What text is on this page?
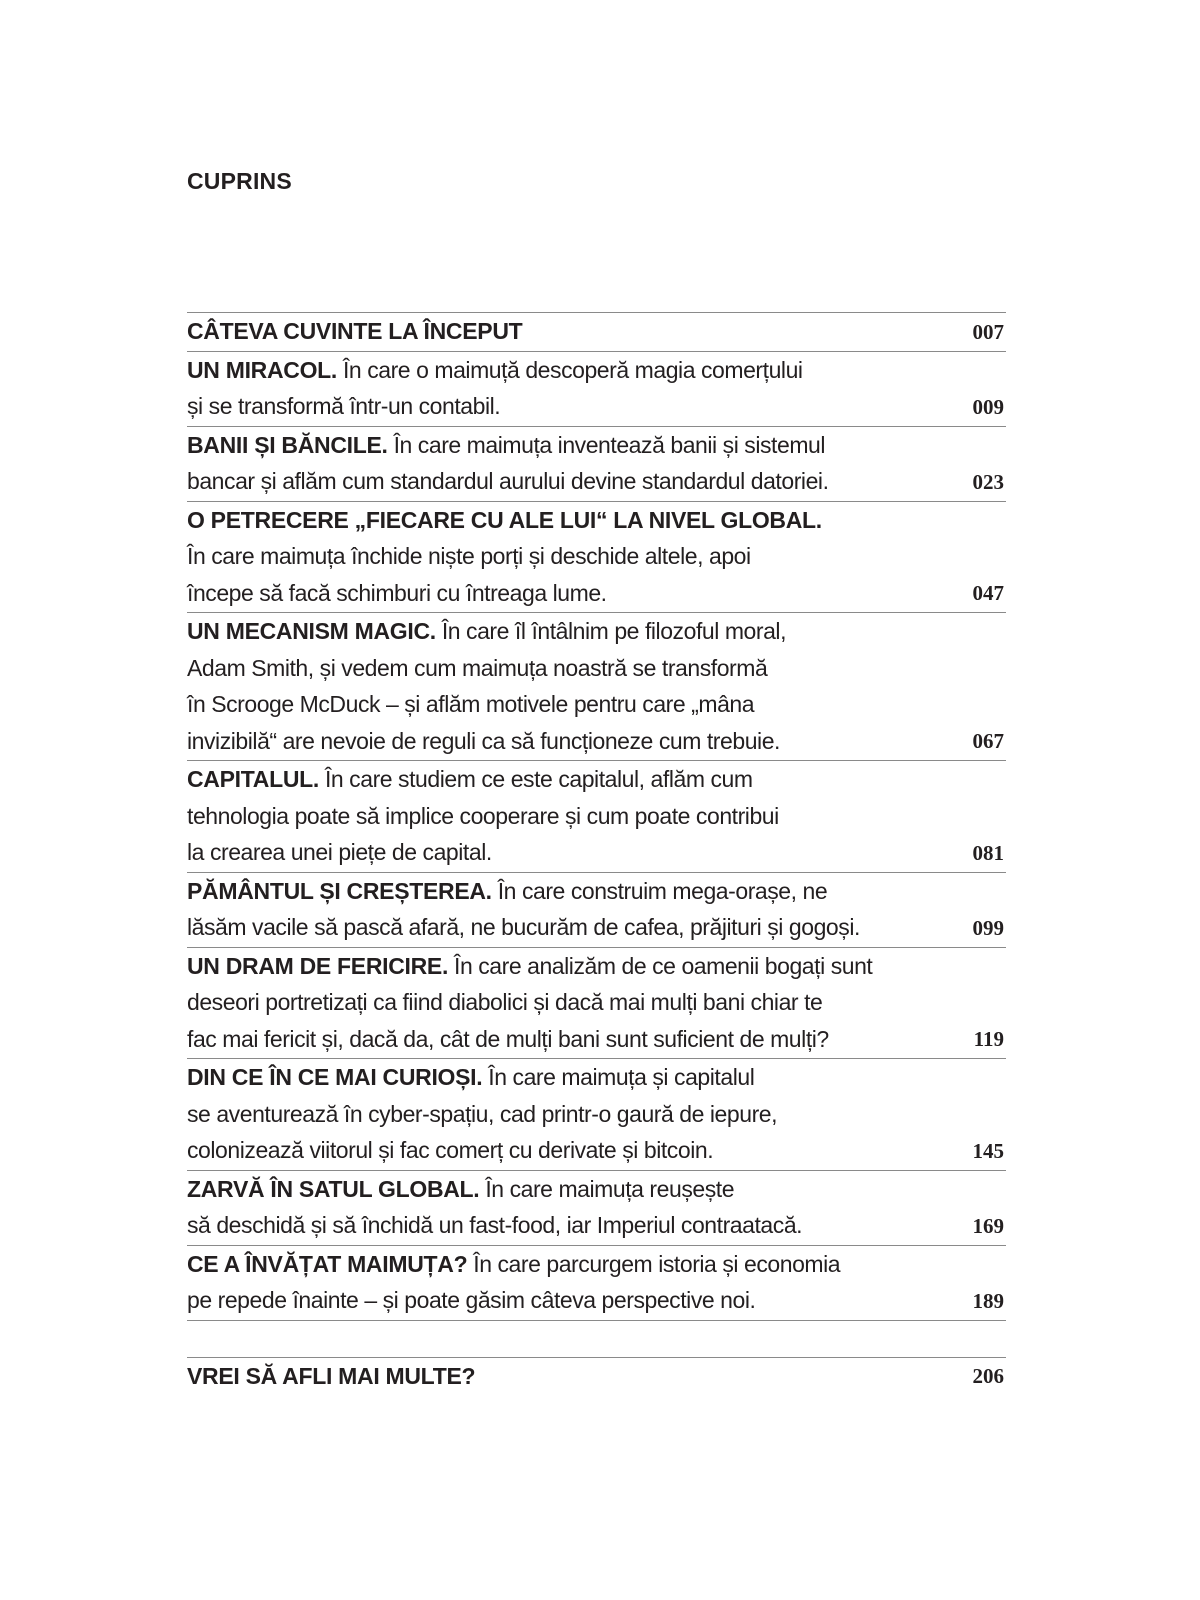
CUPRINS
CÂTEVA CUVINTE LA ÎNCEPUT	007
UN MIRACOL. În care o maimuță descoperă magia comerțului
și se transformă într-un contabil.	009
BANII ȘI BĂNCILE. În care maimuța inventează banii și sistemul
bancar și aflăm cum standardul aurului devine standardul datoriei.	023
O PETRECERE „FIECARE CU ALE LUI“ LA NIVEL GLOBAL.
În care maimuța închide niște porți și deschide altele, apoi
începe să facă schimburi cu întreaga lume.	047
UN MECANISM MAGIC. În care îl întâlnim pe filozoful moral,
Adam Smith, și vedem cum maimuța noastră se transformă
în Scrooge McDuck – și aflăm motivele pentru care „mâna
invizibilă“ are nevoie de reguli ca să funcționeze cum trebuie.	067
CAPITALUL. În care studiem ce este capitalul, aflăm cum
tehnologia poate să implice cooperare și cum poate contribui
la crearea unei piețe de capital.	081
PĂMÂNTUL ȘI CREȘTEREA. În care construim mega-orașe, ne
lăsăm vacile să pască afară, ne bucurăm de cafea, prăjituri și gogoși.	099
UN DRAM DE FERICIRE. În care analizăm de ce oamenii bogați sunt
deseori portretizați ca fiind diabolici și dacă mai mulți bani chiar te
fac mai fericit și, dacă da, cât de mulți bani sunt suficient de mulți?	119
DIN CE ÎN CE MAI CURIOȘI. În care maimuța și capitalul
se aventurează în cyber-spațiu, cad printr-o gaură de iepure,
colonizează viitorul și fac comerț cu derivate și bitcoin.	145
ZARVĂ ÎN SATUL GLOBAL. În care maimuța reușește
să deschidă și să închidă un fast-food, iar Imperiul contraatacă.	169
CE A ÎNVĂȚAT MAIMUȚA? În care parcurgem istoria și economia
pe repede înainte – și poate găsim câteva perspective noi.	189
VREI SĂ AFLI MAI MULTE?	206
